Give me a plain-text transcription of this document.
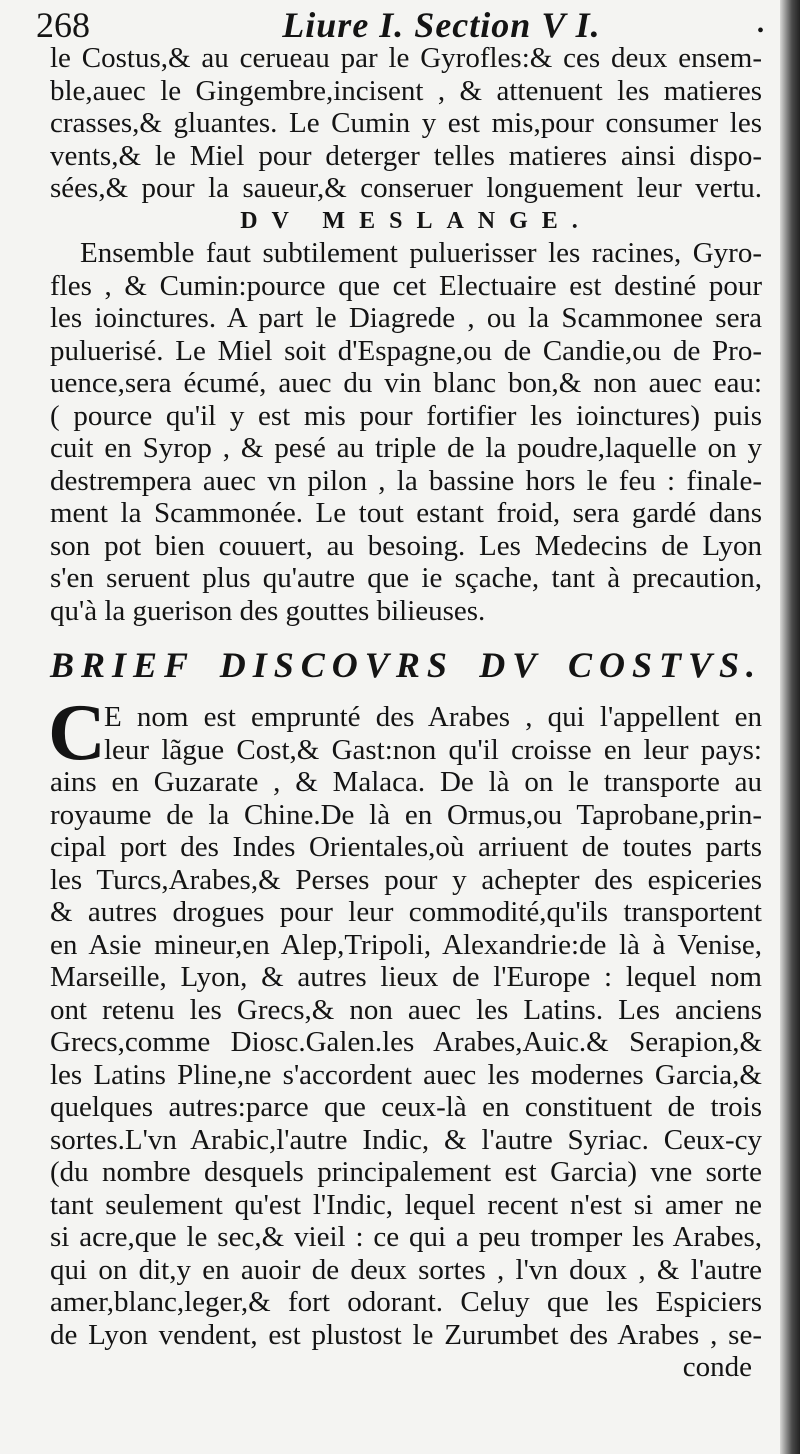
268	Liure I. Section V I.	•
le Costus,& au cerueau par le Gyrofles:& ces deux ensem-
ble,auec le Gingembre,incisent , & attenuent les matieres
crasses,& gluantes. Le Cumin y est mis,pour consumer les
vents,& le Miel pour deterger telles matieres ainsi dispo-
sées,& pour la saueur,& conseruer longuement leur vertu.
DV MESLANGE.
Ensemble faut subtilement puluerisser les racines, Gyro-
fles , & Cumin:pource que cet Electuaire est destiné pour
les ioinctures. A part le Diagrede , ou la Scammonee sera
puluerisé. Le Miel soit d'Espagne,ou de Candie,ou de Pro-
uence,sera écumé, auec du vin blanc bon,& non auec eau:
( pource qu'il y est mis pour fortifier les ioinctures) puis
cuit en Syrop , & pesé au triple de la poudre,laquelle on y
destrempera auec vn pilon , la bassine hors le feu : finale-
ment la Scammonée. Le tout estant froid, sera gardé dans
son pot bien couuert, au besoing. Les Medecins de Lyon
s'en seruent plus qu'autre que ie sçache, tant à precaution,
qu'à la guerison des gouttes bilieuses.
BRIEF DISCOVRS DV COSTVS.
C
E nom est emprunté des Arabes , qui l'appellent en
leur lãgue Cost,& Gast:non qu'il croisse en leur pays:
ains en Guzarate , & Malaca. De là on le transporte au
royaume de la Chine.De là en Ormus,ou Taprobane,prin-
cipal port des Indes Orientales,où arriuent de toutes parts
les Turcs,Arabes,& Perses pour y achepter des espiceries
& autres drogues pour leur commodité,qu'ils transportent
en Asie mineur,en Alep,Tripoli, Alexandrie:de là à Venise,
Marseille, Lyon, & autres lieux de l'Europe : lequel nom
ont retenu les Grecs,& non auec les Latins. Les anciens
Grecs,comme Diosc.Galen.les Arabes,Auic.& Serapion,&
les Latins Pline,ne s'accordent auec les modernes Garcia,&
quelques autres:parce que ceux-là en constituent de trois
sortes.L'vn Arabic,l'autre Indic, & l'autre Syriac. Ceux-cy
(du nombre desquels principalement est Garcia) vne sorte
tant seulement qu'est l'Indic, lequel recent n'est si amer ne
si acre,que le sec,& vieil : ce qui a peu tromper les Arabes,
qui on dit,y en auoir de deux sortes , l'vn doux , & l'autre
amer,blanc,leger,& fort odorant. Celuy que les Espiciers
de Lyon vendent, est plustost le Zurumbet des Arabes , se-
conde
